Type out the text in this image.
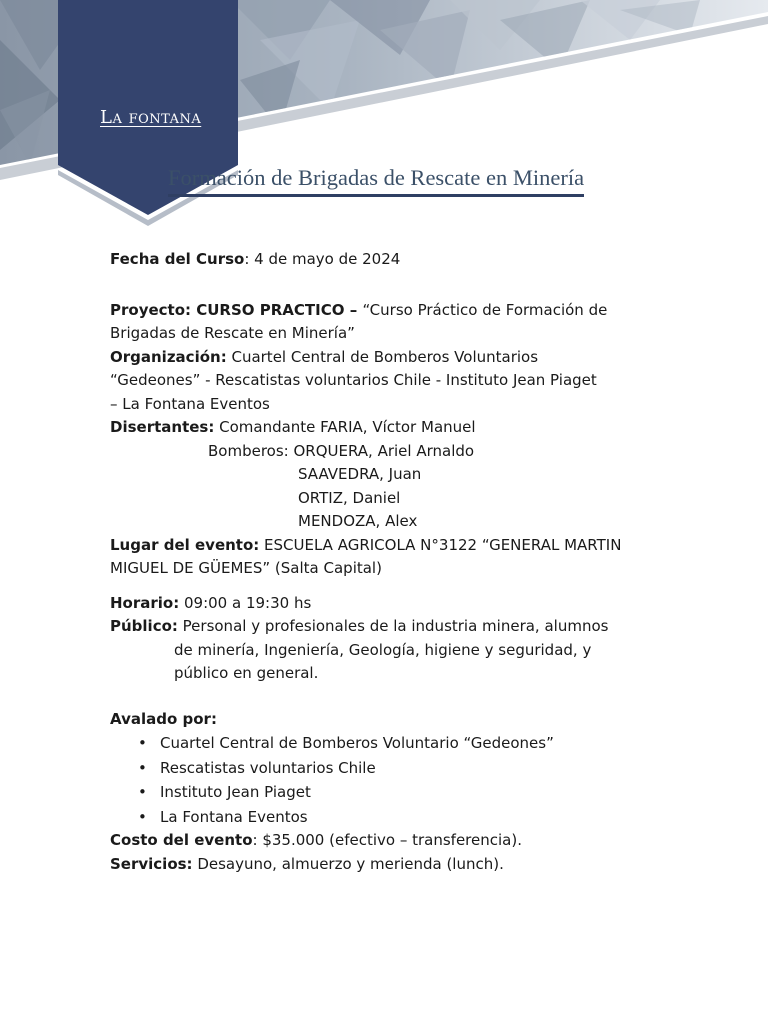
La fontana
Formación de Brigadas de Rescate en Minería

Fecha del Curso: 4 de mayo de 2024

Proyecto: CURSO PRACTICO – “Curso Práctico de Formación de

Brigadas de Rescate en Minería”

Organización: Cuartel Central de Bomberos Voluntarios

“Gedeones” - Rescatistas voluntarios Chile - Instituto Jean Piaget

– La Fontana Eventos

Disertantes: Comandante FARIA, Víctor Manuel

Bomberos: ORQUERA, Ariel Arnaldo

SAAVEDRA, Juan

ORTIZ, Daniel

MENDOZA, Alex

Lugar del evento: ESCUELA AGRICOLA N°3122 “GENERAL MARTIN

MIGUEL DE GÜEMES” (Salta Capital)

Horario: 09:00 a 19:30 hs

Público: Personal y profesionales de la industria minera, alumnos

de minería, Ingeniería, Geología, higiene y seguridad, y

público en general.

Avalado por:

• Cuartel Central de Bomberos Voluntario “Gedeones”
• Rescatistas voluntarios Chile
• Instituto Jean Piaget
• La Fontana Eventos

Costo del evento: $35.000 (efectivo – transferencia).

Servicios: Desayuno, almuerzo y merienda (lunch).
